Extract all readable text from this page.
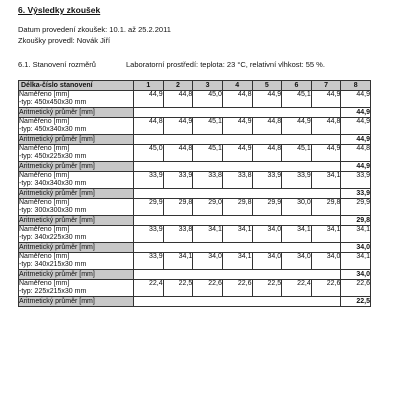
6. Výsledky zkoušek
Datum provedení zkoušek: 10.1. až 25.2.2011
Zkoušky provedl: Novák Jiří
6.1. Stanovení rozměrů	Laboratorní prostředí: teplota: 23 °C, relativní vlhkost: 55 %.
Délka-číslo stanovení	1	2	3	4	5	6	7	8

Naměřeno [mm]
-typ: 450x450x30 mm	44,9	44,8	45,0	44,8	44,9	45,1	44,9	44,9
Aritmetický průměr [mm]								44,9

Naměřeno [mm]
-typ: 450x340x30 mm	44,8	44,9	45,1	44,9	44,8	44,9	44,8	44,9
Aritmetický průměr [mm]								44,9

Naměřeno [mm]
-typ: 450x225x30 mm	45,0	44,8	45,1	44,9	44,8	45,1	44,9	44,8
Aritmetický průměr [mm]								44,9

Naměřeno [mm]
-typ: 340x340x30 mm	33,9	33,9	33,8	33,8	33,9	33,9	34,1	33,9
Aritmetický průměr [mm]								33,9

Naměřeno [mm]
-typ: 300x300x30 mm	29,9	29,8	29,0	29,8	29,9	30,0	29,8	29,9
Aritmetický průměr [mm]								29,8

Naměřeno [mm]
-typ: 340x225x30 mm	33,9	33,8	34,1	34,1	34,0	34,1	34,1	34,1
Aritmetický průměr [mm]								34,0

Naměřeno [mm]
-typ: 340x215x30 mm	33,9	34,1	34,0	34,1	34,0	34,0	34,0	34,1
Aritmetický průměr [mm]								34,0

Naměřeno [mm]
-typ: 225x215x30 mm	22,4	22,5	22,6	22,6	22,5	22,4	22,6	22,6
Aritmetický průměr [mm]								22,5
